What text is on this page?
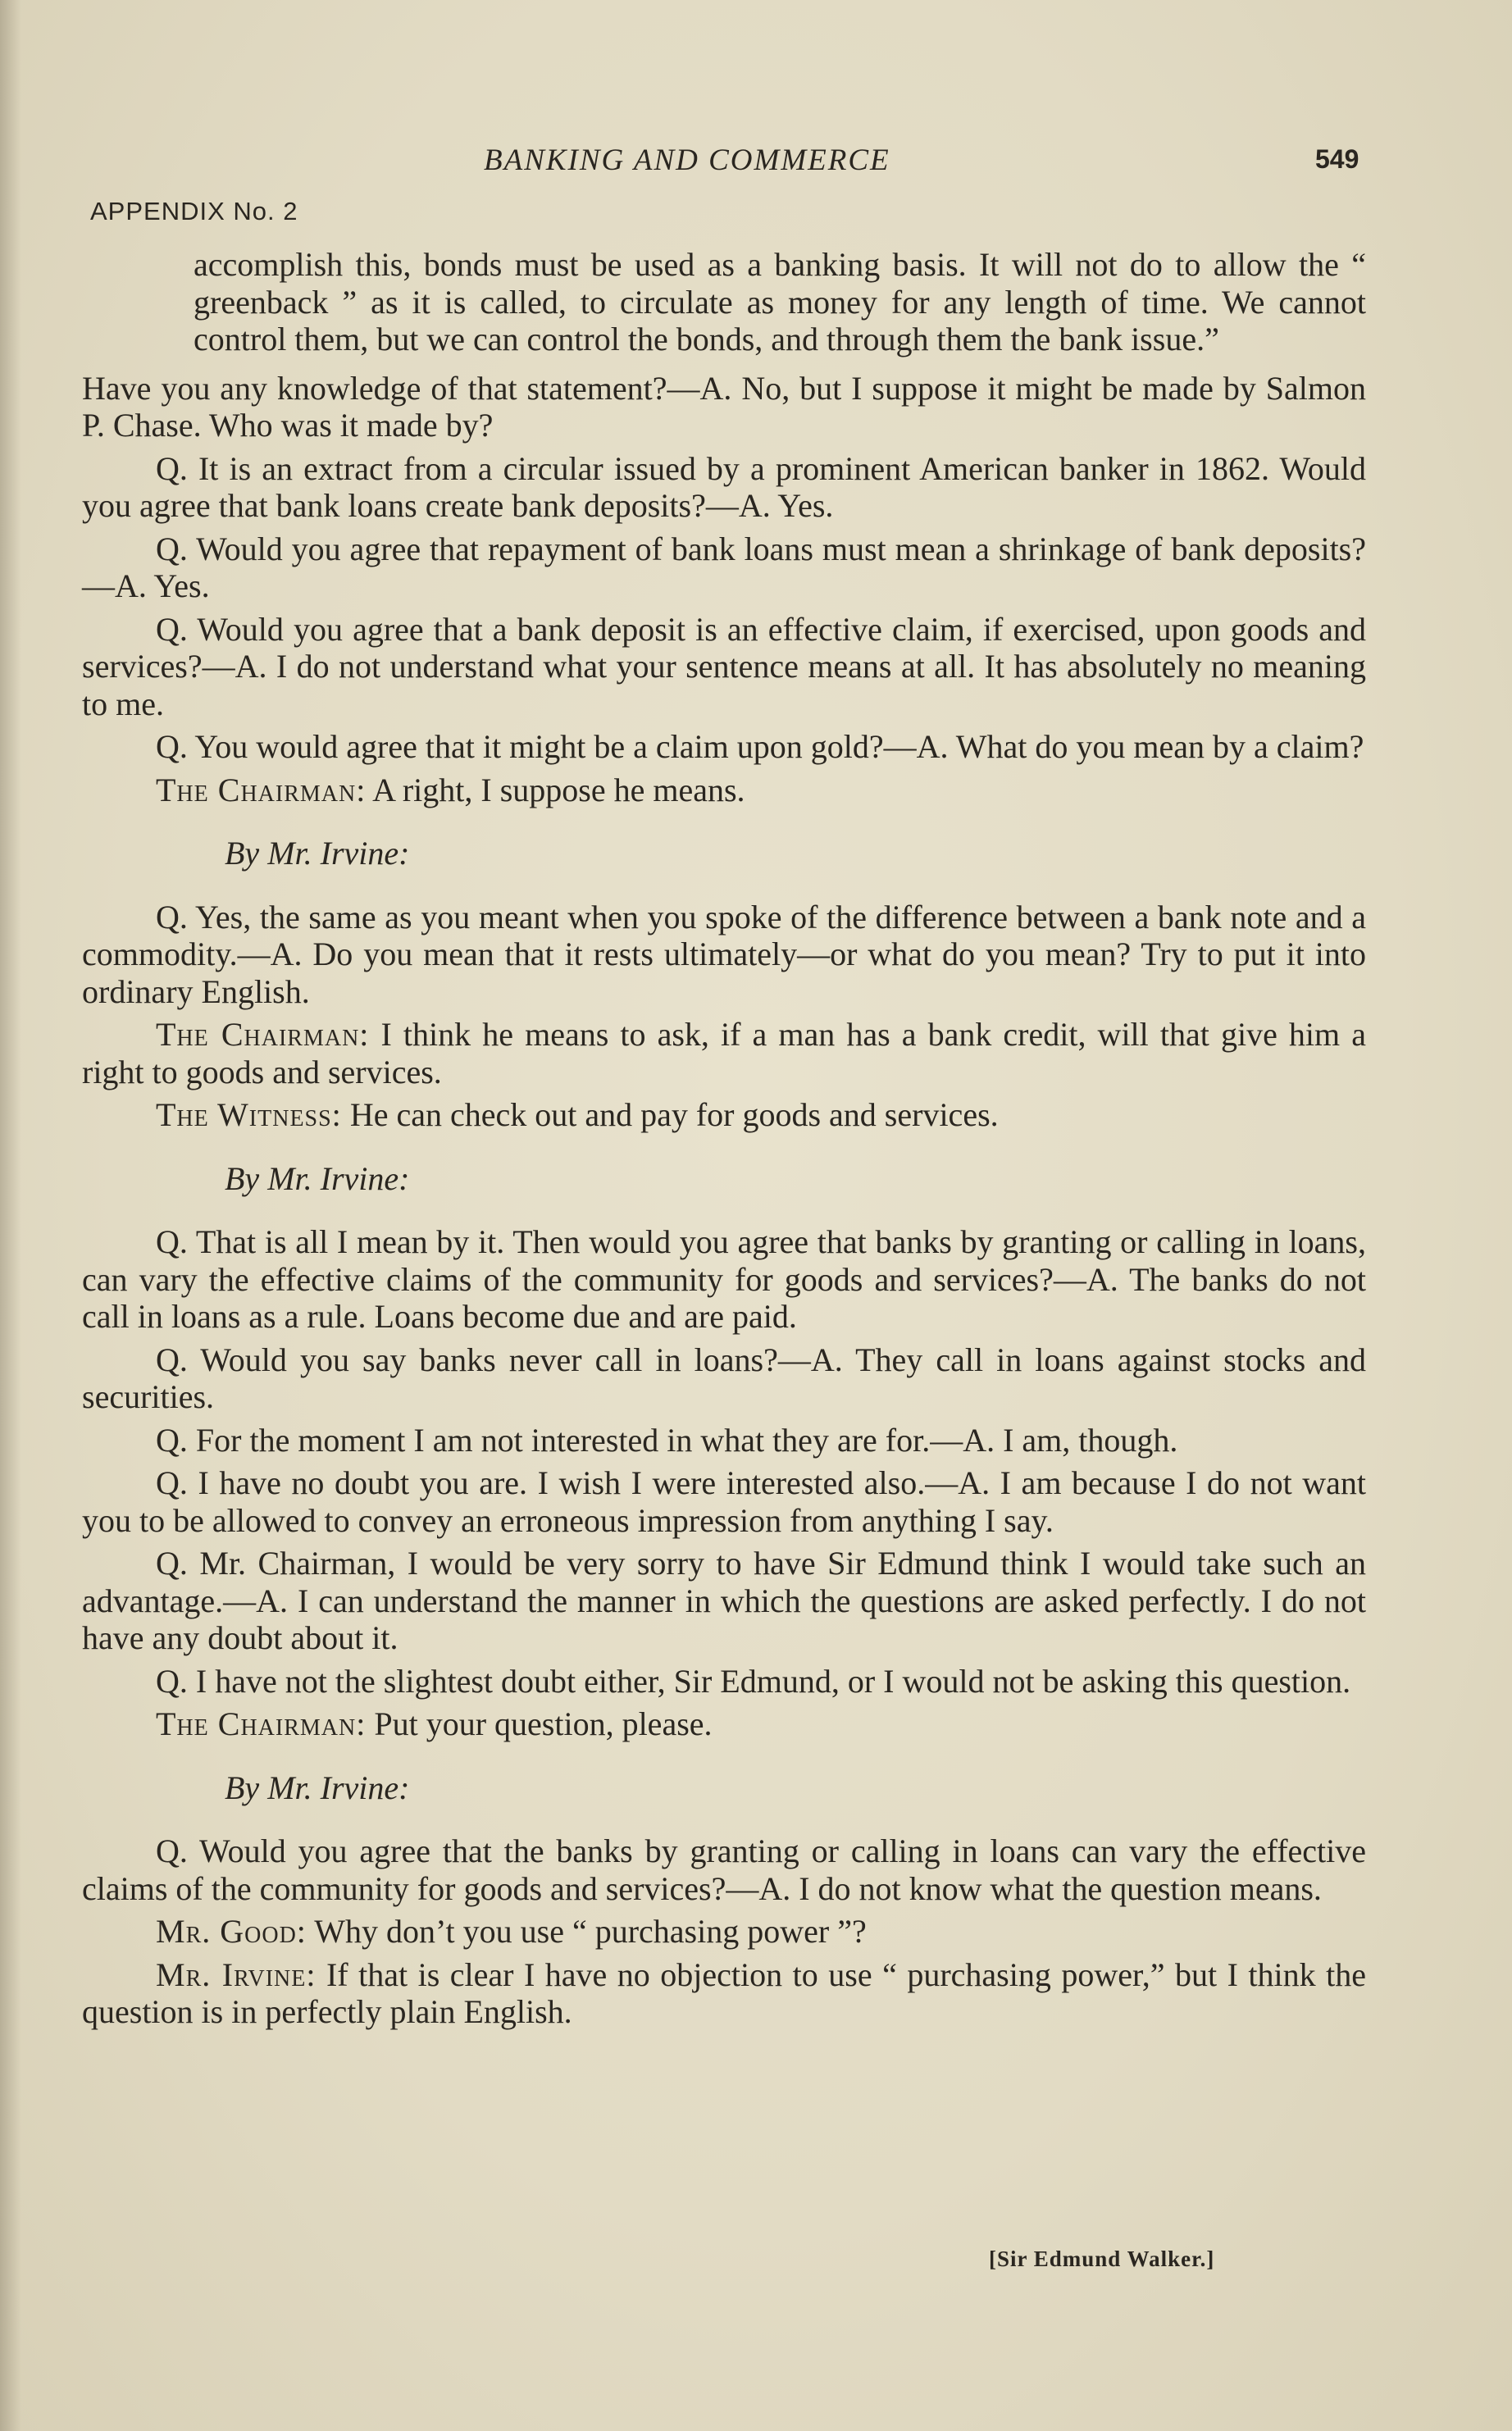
BANKING AND COMMERCE	549
APPENDIX No. 2

accomplish this, bonds must be used as a banking basis. It will not do to allow the “ greenback ” as it is called, to circulate as money for any length of time. We cannot control them, but we can control the bonds, and through them the bank issue.”

Have you any knowledge of that statement?—A. No, but I suppose it might be made by Salmon P. Chase. Who was it made by?

Q. It is an extract from a circular issued by a prominent American banker in 1862. Would you agree that bank loans create bank deposits?—A. Yes.

Q. Would you agree that repayment of bank loans must mean a shrinkage of bank deposits?—A. Yes.

Q. Would you agree that a bank deposit is an effective claim, if exercised, upon goods and services?—A. I do not understand what your sentence means at all. It has absolutely no meaning to me.

Q. You would agree that it might be a claim upon gold?—A. What do you mean by a claim?

The Chairman: A right, I suppose he means.

By Mr. Irvine:

Q. Yes, the same as you meant when you spoke of the difference between a bank note and a commodity.—A. Do you mean that it rests ultimately—or what do you mean? Try to put it into ordinary English.

The Chairman: I think he means to ask, if a man has a bank credit, will that give him a right to goods and services.

The Witness: He can check out and pay for goods and services.

By Mr. Irvine:

Q. That is all I mean by it. Then would you agree that banks by granting or calling in loans, can vary the effective claims of the community for goods and services?—A. The banks do not call in loans as a rule. Loans become due and are paid.

Q. Would you say banks never call in loans?—A. They call in loans against stocks and securities.

Q. For the moment I am not interested in what they are for.—A. I am, though.

Q. I have no doubt you are. I wish I were interested also.—A. I am because I do not want you to be allowed to convey an erroneous impression from anything I say.

Q. Mr. Chairman, I would be very sorry to have Sir Edmund think I would take such an advantage.—A. I can understand the manner in which the questions are asked perfectly. I do not have any doubt about it.

Q. I have not the slightest doubt either, Sir Edmund, or I would not be asking this question.

The Chairman: Put your question, please.

By Mr. Irvine:

Q. Would you agree that the banks by granting or calling in loans can vary the effective claims of the community for goods and services?—A. I do not know what the question means.

Mr. Good: Why don’t you use “ purchasing power ”?

Mr. Irvine: If that is clear I have no objection to use “ purchasing power,” but I think the question is in perfectly plain English.

[Sir Edmund Walker.]
